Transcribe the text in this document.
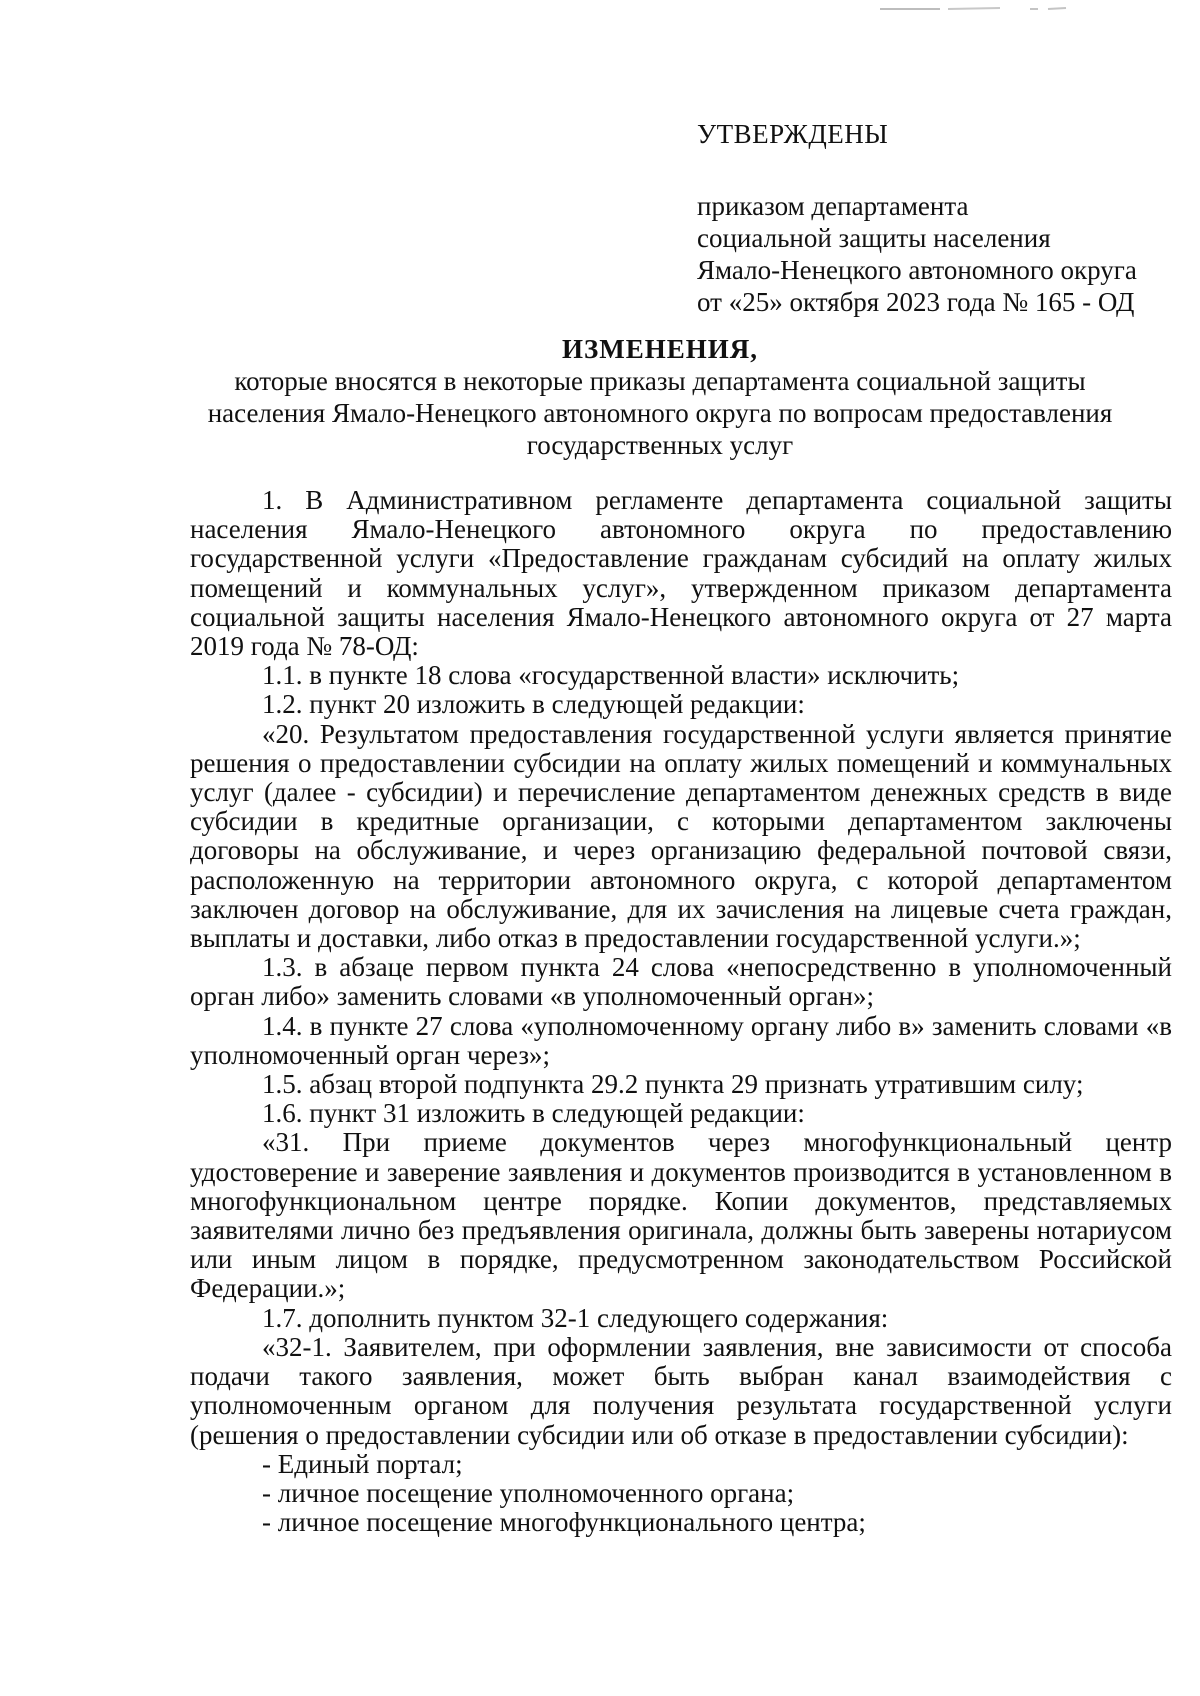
УТВЕРЖДЕНЫ
приказом департамента
социальной защиты населения
Ямало-Ненецкого автономного округа
от «25» октября 2023 года № 165 - ОД
ИЗМЕНЕНИЯ,
которые вносятся в некоторые приказы департамента социальной защиты
населения Ямало-Ненецкого автономного округа по вопросам предоставления
государственных услуг

1. В Административном регламенте департамента социальной защиты населения Ямало-Ненецкого автономного округа по предоставлению государственной услуги «Предоставление гражданам субсидий на оплату жилых помещений и коммунальных услуг», утвержденном приказом департамента социальной защиты населения Ямало-Ненецкого автономного округа от 27 марта 2019 года № 78-ОД:

1.1. в пункте 18 слова «государственной власти» исключить;

1.2. пункт 20 изложить в следующей редакции:

«20. Результатом предоставления государственной услуги является принятие решения о предоставлении субсидии на оплату жилых помещений и коммунальных услуг (далее - субсидии) и перечисление департаментом денежных средств в виде субсидии в кредитные организации, с которыми департаментом заключены договоры на обслуживание, и через организацию федеральной почтовой связи, расположенную на территории автономного округа, с которой департаментом заключен договор на обслуживание, для их зачисления на лицевые счета граждан, выплаты и доставки, либо отказ в предоставлении государственной услуги.»;

1.3. в абзаце первом пункта 24 слова «непосредственно в уполномоченный орган либо» заменить словами «в уполномоченный орган»;

1.4. в пункте 27 слова «уполномоченному органу либо в» заменить словами «в уполномоченный орган через»;

1.5. абзац второй подпункта 29.2 пункта 29 признать утратившим силу;

1.6. пункт 31 изложить в следующей редакции:

«31. При приеме документов через многофункциональный центр удостоверение и заверение заявления и документов производится в установленном в многофункциональном центре порядке. Копии документов, представляемых заявителями лично без предъявления оригинала, должны быть заверены нотариусом или иным лицом в порядке, предусмотренном законодательством Российской Федерации.»;

1.7. дополнить пунктом 32-1 следующего содержания:

«32-1. Заявителем, при оформлении заявления, вне зависимости от способа подачи такого заявления, может быть выбран канал взаимодействия с уполномоченным органом для получения результата государственной услуги (решения о предоставлении субсидии или об отказе в предоставлении субсидии):

- Единый портал;

- личное посещение уполномоченного органа;

- личное посещение многофункционального центра;
